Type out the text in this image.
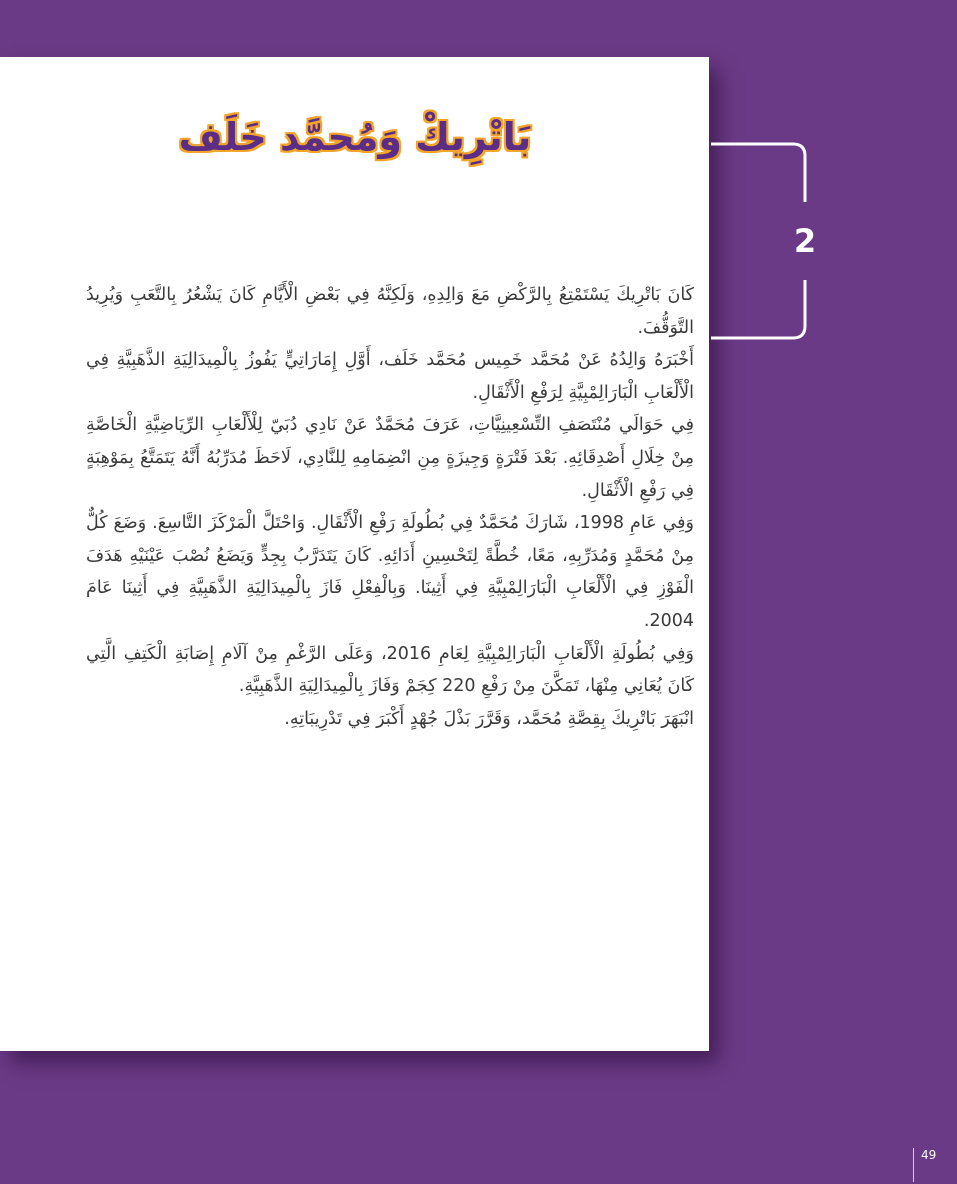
بَاتْرِيكْ وَمُحمَّد خَلَف

كَانَ بَاتْرِيكَ يَسْتَمْتِعُ بِالرَّكْضِ مَعَ وَالِدِهِ، وَلَكِنَّهُ فِي بَعْضِ الْأَيَّامِ كَانَ يَشْعُرُ بِالتَّعَبِ وَيُرِيدُ التَّوَقُّفَ.

أَخْبَرَهُ وَالِدُهُ عَنْ مُحَمَّد خَمِيس مُحَمَّد خَلَف، أَوَّلِ إِمَارَاتِيٍّ يَفُوزُ بِالْمِيدَالِيَةِ الذَّهَبِيَّةِ فِي الْأَلْعَابِ الْبَارَالِمْبِيَّةِ لِرَفْعِ الْأَثْقَالِ.

فِي حَوَالَي مُنْتَصَفِ التِّسْعِينِيَّاتِ، عَرَفَ مُحَمَّدٌ عَنْ نَادِي دُبَيّ لِلْأَلْعَابِ الرِّيَاضِيَّةِ الْخَاصَّةِ مِنْ خِلَالِ أَصْدِقَائِهِ. بَعْدَ فَتْرَةٍ وَجِيزَةٍ مِنِ انْضِمَامِهِ لِلنَّادِي، لَاحَظَ مُدَرِّبُهُ أَنَّهُ يَتَمَتَّعُ بِمَوْهِبَةٍ فِي رَفْعِ الْأَثْقَالِ.

وَفِي عَامِ 1998، شَارَكَ مُحَمَّدٌ فِي بُطُولَةِ رَفْعِ الْأَثْقَالِ. وَاحْتَلَّ الْمَرْكَزَ التَّاسِعَ. وَضَعَ كُلٌّ مِنْ مُحَمَّدٍ وَمُدَرِّبِهِ، مَعًا، خُطَّةً لِتَحْسِينِ أَدَائِهِ. كَانَ يَتَدَرَّبُ بِجِدٍّ وَيَضَعُ نُصْبَ عَيْنَيْهِ هَدَفَ الْفَوْزِ فِي الْأَلْعَابِ الْبَارَالِمْبِيَّةِ فِي أَثِينَا. وَبِالْفِعْلِ فَازَ بِالْمِيدَالِيَةِ الذَّهَبِيَّةِ فِي أَثِينَا عَامَ 2004.

وَفِي بُطُولَةِ الْأَلْعَابِ الْبَارَالِمْبِيَّةِ لِعَامِ 2016، وَعَلَى الرَّغْمِ مِنْ آلَامِ إِصَابَةِ الْكَتِفِ الَّتِي كَانَ يُعَانِي مِنْهَا، تَمَكَّنَ مِنْ رَفْعِ 220 كِجَمْ وَفَازَ بِالْمِيدَالِيَةِ الذَّهَبِيَّةِ.

انْبَهَرَ بَاتْرِيكَ بِقِصَّةِ مُحَمَّد، وَقَرَّرَ بَذْلَ جُهْدٍ أَكْبَرَ فِي تَدْرِيبَاتِهِ.

2
49
